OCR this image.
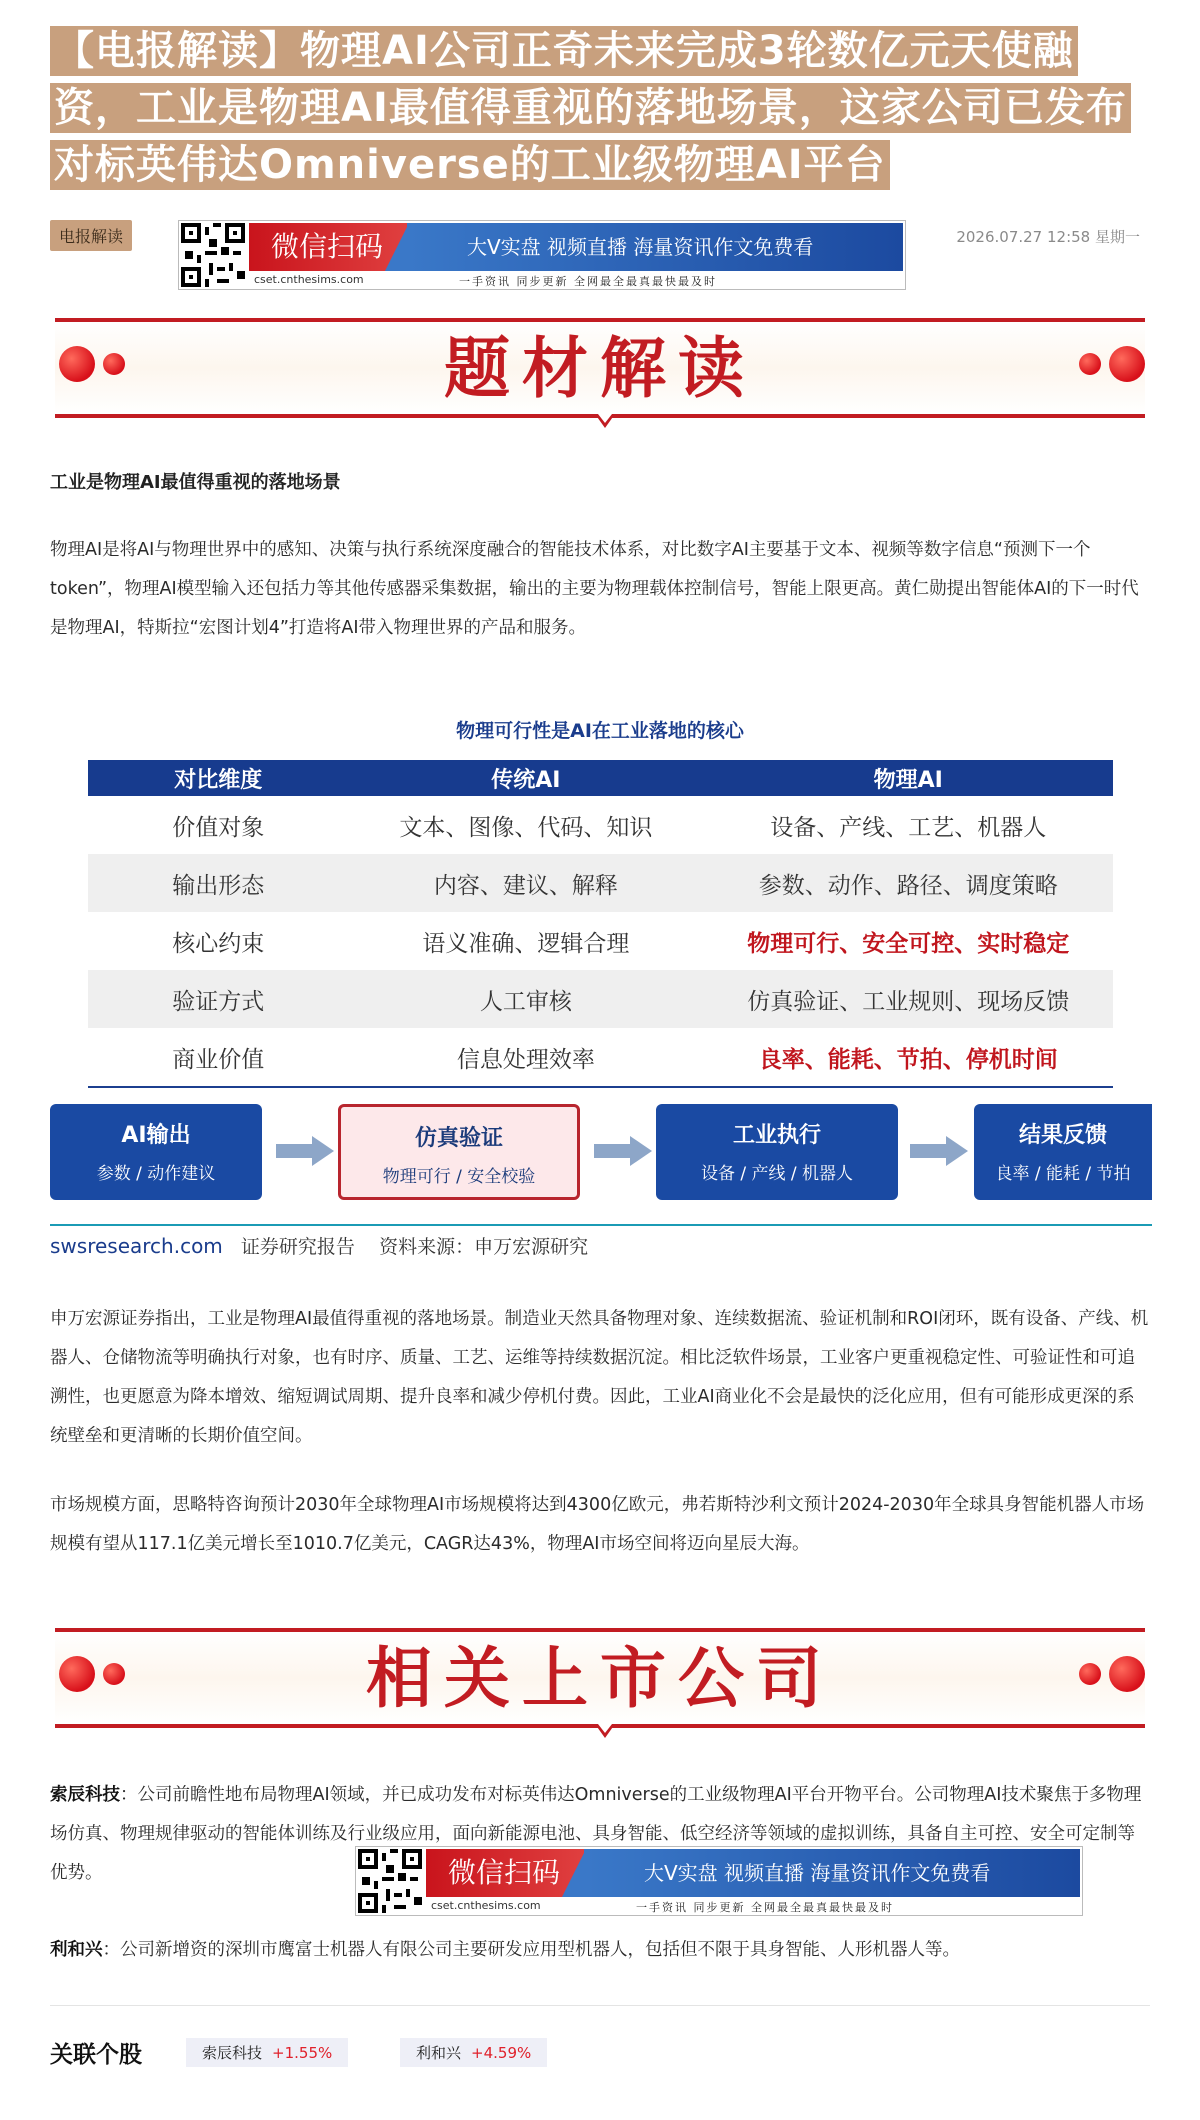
【电报解读】物理AI公司正奇未来完成3轮数亿元天使融
资，工业是物理AI最值得重视的落地场景，这家公司已发布
对标英伟达Omniverse的工业级物理AI平台
电报解读	2026.07.27 12:58 星期一
微信扫码	大V实盘 视频直播 海量资讯作文免费看
cset.cnthesims.com	一手资讯 同步更新 全网最全最真最快最及时
题材解读
工业是物理AI最值得重视的落地场景
物理AI是将AI与物理世界中的感知、决策与执行系统深度融合的智能技术体系，对比数字AI主要基于文本、视频等数字信息“预测下一个token”，物理AI模型输入还包括力等其他传感器采集数据，输出的主要为物理载体控制信号，智能上限更高。黄仁勋提出智能体AI的下一时代是物理AI，特斯拉“宏图计划4”打造将AI带入物理世界的产品和服务。
物理可行性是AI在工业落地的核心
对比维度	传统AI	物理AI
价值对象	文本、图像、代码、知识	设备、产线、工艺、机器人
输出形态	内容、建议、解释	参数、动作、路径、调度策略
核心约束	语义准确、逻辑合理	物理可行、安全可控、实时稳定
验证方式	人工审核	仿真验证、工业规则、现场反馈
商业价值	信息处理效率	良率、能耗、节拍、停机时间
AI输出
参数 / 动作建议
仿真验证
物理可行 / 安全校验
工业执行
设备 / 产线 / 机器人
结果反馈
良率 / 能耗 / 节拍
swsresearch.com 证券研究报告 资料来源：申万宏源研究
申万宏源证券指出，工业是物理AI最值得重视的落地场景。制造业天然具备物理对象、连续数据流、验证机制和ROI闭环，既有设备、产线、机器人、仓储物流等明确执行对象，也有时序、质量、工艺、运维等持续数据沉淀。相比泛软件场景，工业客户更重视稳定性、可验证性和可追溯性，也更愿意为降本增效、缩短调试周期、提升良率和减少停机付费。因此，工业AI商业化不会是最快的泛化应用，但有可能形成更深的系统壁垒和更清晰的长期价值空间。
市场规模方面，思略特咨询预计2030年全球物理AI市场规模将达到4300亿欧元，弗若斯特沙利文预计2024-2030年全球具身智能机器人市场规模有望从117.1亿美元增长至1010.7亿美元，CAGR达43%，物理AI市场空间将迈向星辰大海。
相关上市公司
索辰科技：公司前瞻性地布局物理AI领域，并已成功发布对标英伟达Omniverse的工业级物理AI平台开物平台。公司物理AI技术聚焦于多物理场仿真、物理规律驱动的智能体训练及行业级应用，面向新能源电池、具身智能、低空经济等领域的虚拟训练，具备自主可控、安全可定制等优势。	微信扫码	大V实盘 视频直播 海量资讯作文免费看
cset.cnthesims.com	一手资讯 同步更新 全网最全最真最快最及时
利和兴：公司新增资的深圳市鹰富士机器人有限公司主要研发应用型机器人，包括但不限于具身智能、人形机器人等。
关联个股	索辰科技 +1.55%	利和兴 +4.59%
